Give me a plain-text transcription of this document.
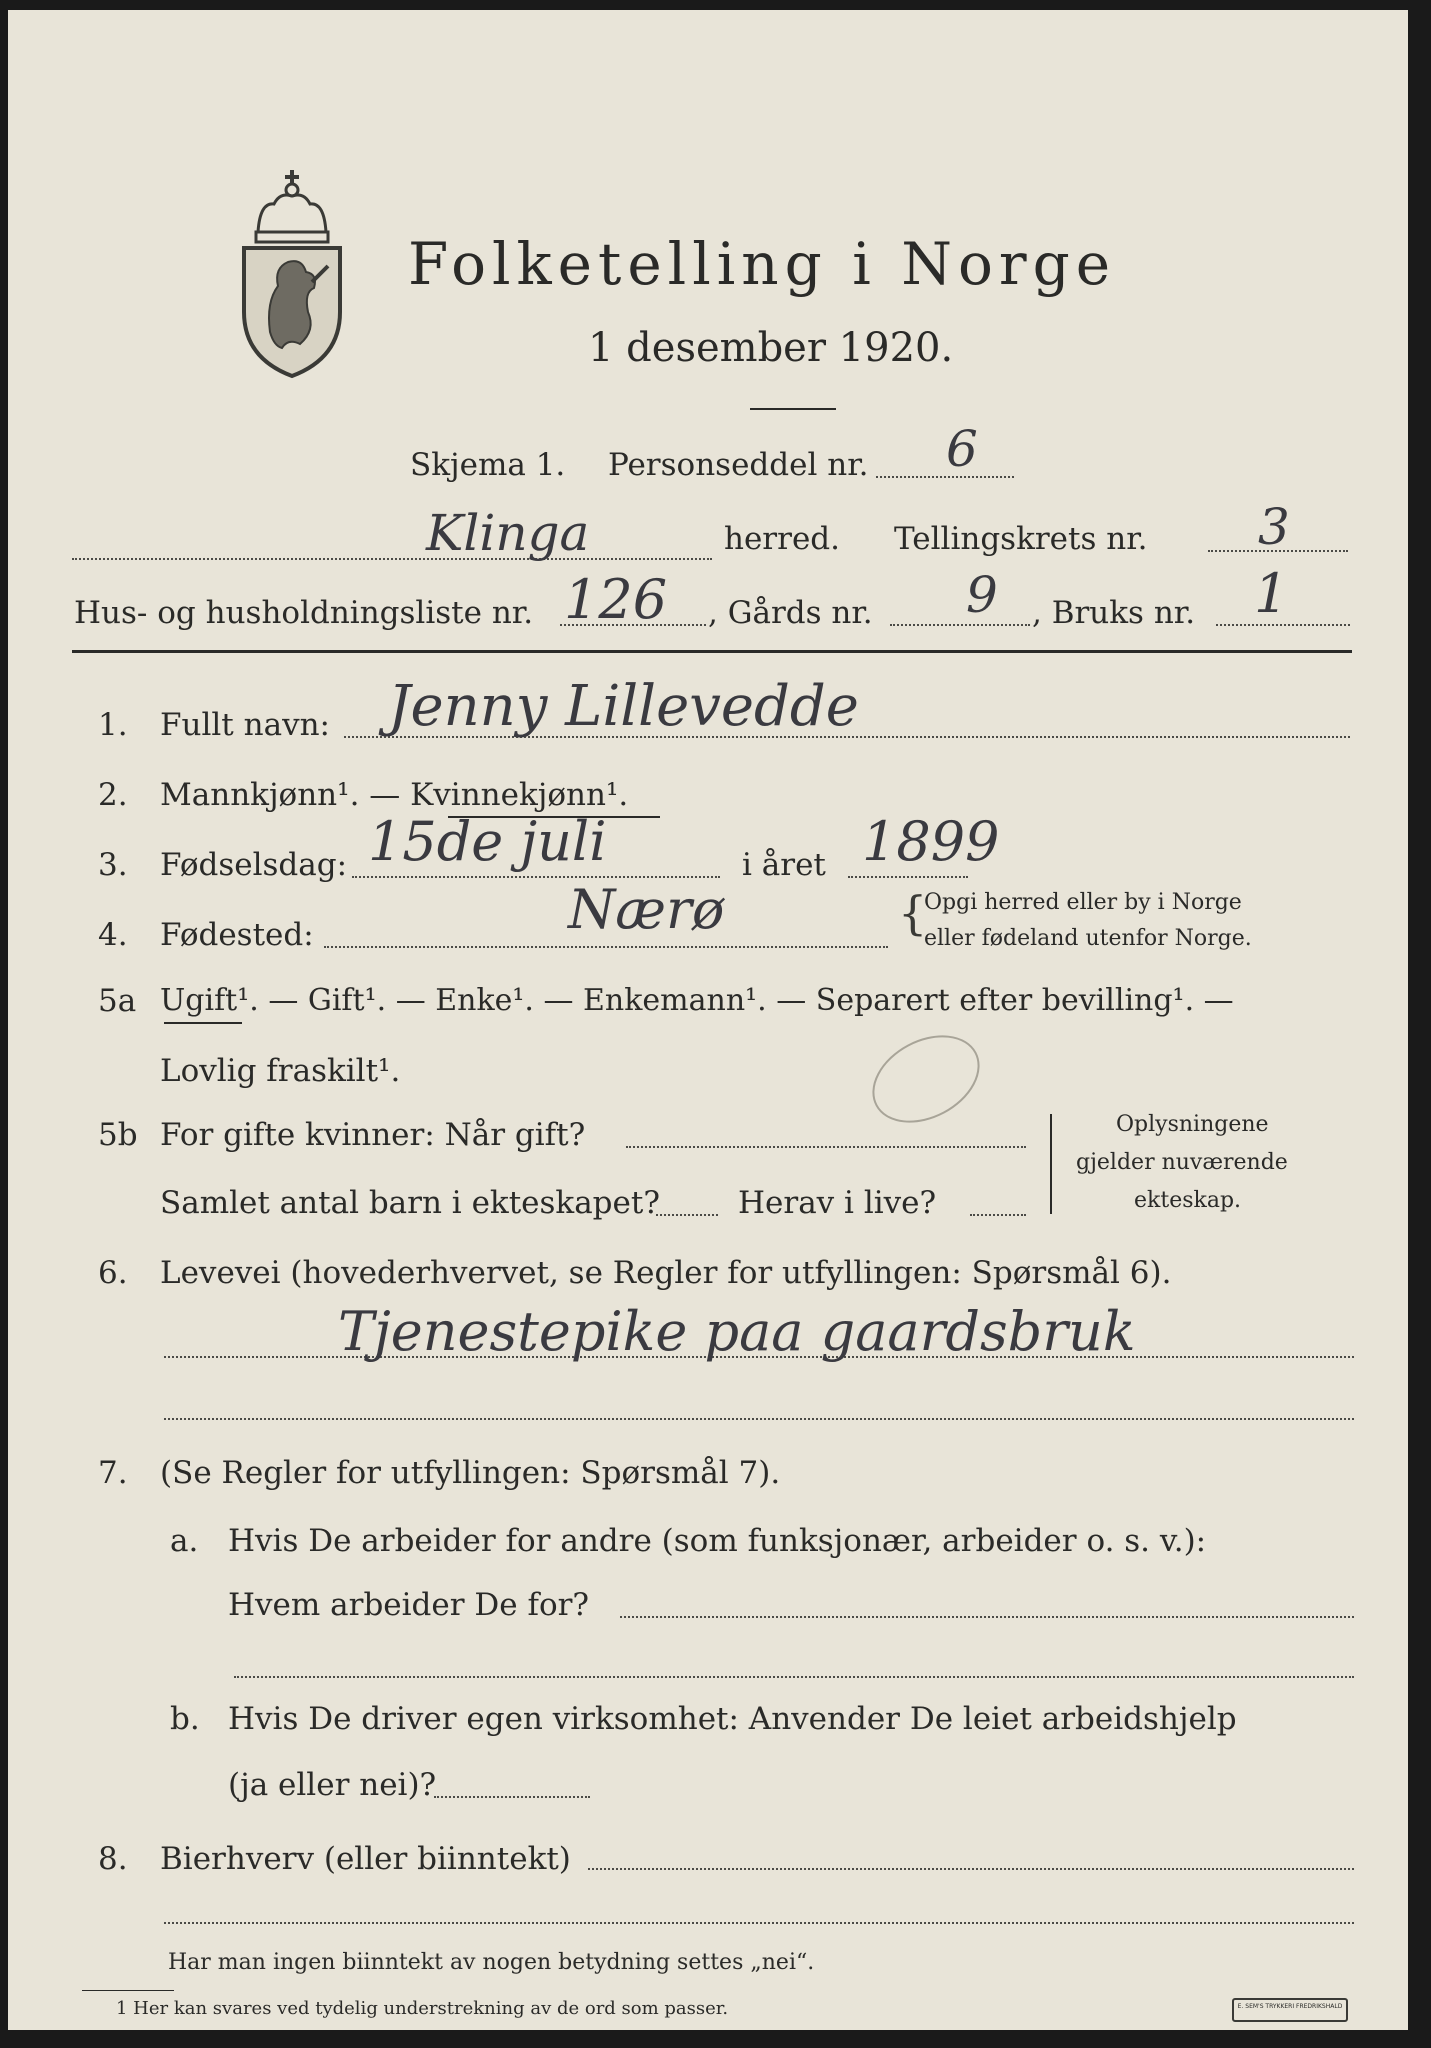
Folketelling i Norge
1 desember 1920.
Skjema 1. Personseddel nr. 6
Klinga	herred. Tellingskrets nr. 3
Hus- og husholdningsliste nr. 126 , Gårds nr. 9 , Bruks nr. 1
1. Fullt navn: Jenny Lillevedde
2. Mannkjønn¹. — Kvinnekjønn¹.
3. Fødselsdag: 15de juli	i året 1899
4. Fødested:	Nærø	{
Opgi herred eller by i Norge
eller fødeland utenfor Norge.
5a Ugift¹. — Gift¹. — Enke¹. — Enkemann¹. — Separert efter bevilling¹. —
Lovlig fraskilt¹.
5b For gifte kvinner: Når gift?
Samlet antal barn i ekteskapet?	Herav i live?
Oplysningene
gjelder nuværende
ekteskap.
6. Levevei (hovederhvervet, se Regler for utfyllingen: Spørsmål 6).
Tjenestepike paa gaardsbruk
7. (Se Regler for utfyllingen: Spørsmål 7).
a. Hvis De arbeider for andre (som funksjonær, arbeider o. s. v.):
Hvem arbeider De for?
b. Hvis De driver egen virksomhet: Anvender De leiet arbeidshjelp
(ja eller nei)?
8. Bierhverv (eller biinntekt)
Har man ingen biinntekt av nogen betydning settes „nei“.
1 Her kan svares ved tydelig understrekning av de ord som passer.	E. SEM'S TRYKKERI FREDRIKSHALD
